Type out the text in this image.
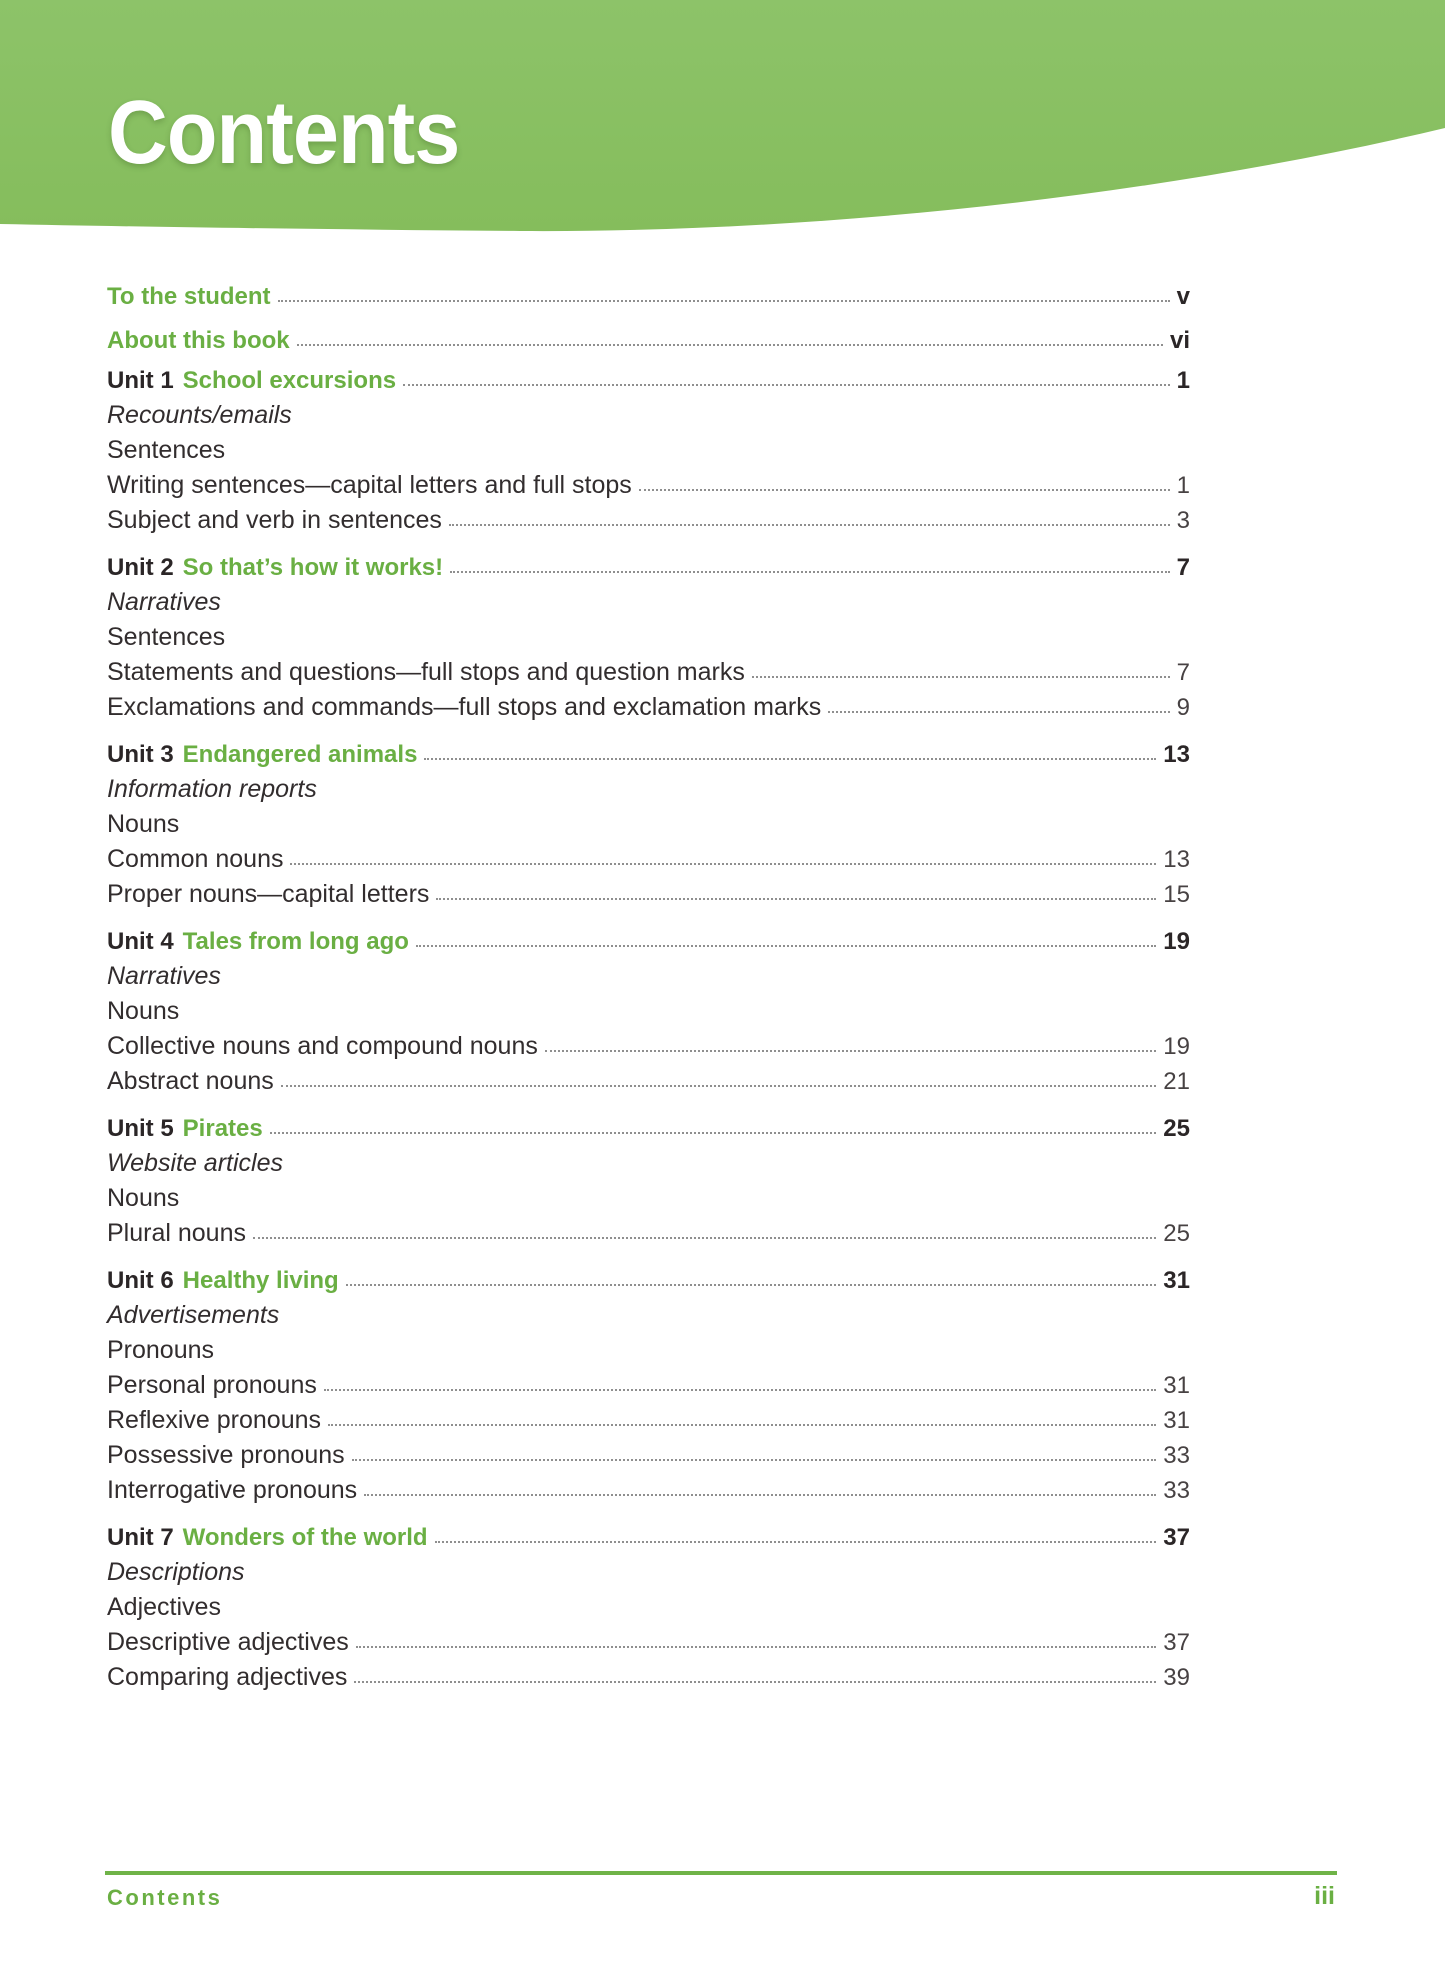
Contents
To the student	v
About this book	vi
Unit 1 School excursions	1
Recounts/emails
Sentences
Writing sentences—capital letters and full stops	1
Subject and verb in sentences	3
Unit 2 So that’s how it works!	7
Narratives
Sentences
Statements and questions—full stops and question marks	7
Exclamations and commands—full stops and exclamation marks	9
Unit 3 Endangered animals	13
Information reports
Nouns
Common nouns	13
Proper nouns—capital letters	15
Unit 4 Tales from long ago	19
Narratives
Nouns
Collective nouns and compound nouns	19
Abstract nouns	21
Unit 5 Pirates	25
Website articles
Nouns
Plural nouns	25
Unit 6 Healthy living	31
Advertisements
Pronouns
Personal pronouns	31
Reflexive pronouns	31
Possessive pronouns	33
Interrogative pronouns	33
Unit 7 Wonders of the world	37
Descriptions
Adjectives
Descriptive adjectives	37
Comparing adjectives	39
Contents	iii
